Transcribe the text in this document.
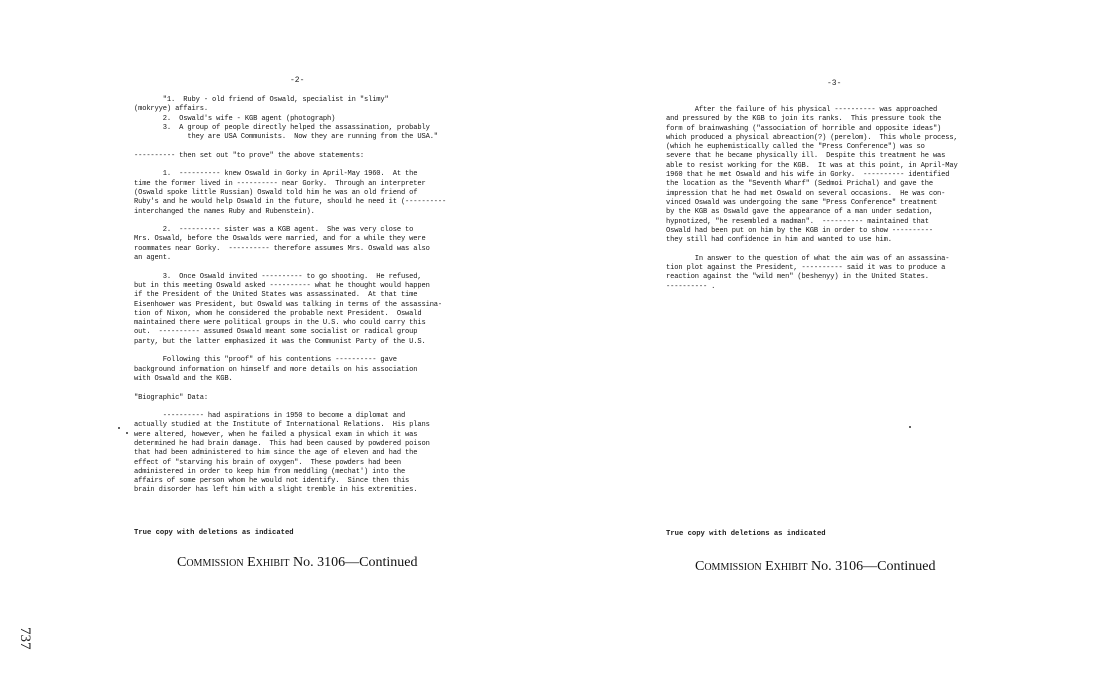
-2-
"1.  Ruby - old friend of Oswald, specialist in "slimy"
(mokryye) affairs.
2.  Oswald's wife - KGB agent (photograph)
3.  A group of people directly helped the assassination, probably
they are USA Communists.  Now they are running from the USA."
---------- then set out "to prove" the above statements:
1.  ---------- knew Oswald in Gorky in April-May 1960.  At the
time the former lived in ---------- near Gorky.  Through an interpreter
(Oswald spoke little Russian) Oswald told him he was an old friend of
Ruby's and he would help Oswald in the future, should he need it (----------
interchanged the names Ruby and Rubenstein).
2.  ---------- sister was a KGB agent.  She was very close to
Mrs. Oswald, before the Oswalds were married, and for a while they were
roommates near Gorky.  ---------- therefore assumes Mrs. Oswald was also
an agent.
3.  Once Oswald invited ---------- to go shooting.  He refused,
but in this meeting Oswald asked ---------- what he thought would happen
if the President of the United States was assassinated.  At that time
Eisenhower was President, but Oswald was talking in terms of the assassina-
tion of Nixon, whom he considered the probable next President.  Oswald
maintained there were political groups in the U.S. who could carry this
out.  ---------- assumed Oswald meant some socialist or radical group
party, but the latter emphasized it was the Communist Party of the U.S.
Following this "proof" of his contentions ---------- gave
background information on himself and more details on his association
with Oswald and the KGB.
"Biographic" Data:
---------- had aspirations in 1950 to become a diplomat and
actually studied at the Institute of International Relations.  His plans
were altered, however, when he failed a physical exam in which it was
determined he had brain damage.  This had been caused by powdered poison
that had been administered to him since the age of eleven and had the
effect of "starving his brain of oxygen".  These powders had been
administered in order to keep him from meddling (mechat') into the
affairs of some person whom he would not identify.  Since then this
brain disorder has left him with a slight tremble in his extremities.
True copy with deletions as indicated
Commission Exhibit No. 3106—Continued
737
-3-
After the failure of his physical ---------- was approached
and pressured by the KGB to join its ranks.  This pressure took the
form of brainwashing ("association of horrible and opposite ideas")
which produced a physical abreaction(?) (perelom).  This whole process,
(which he euphemistically called the "Press Conference") was so
severe that he became physically ill.  Despite this treatment he was
able to resist working for the KGB.  It was at this point, in April-May
1960 that he met Oswald and his wife in Gorky.  ---------- identified
the location as the "Seventh Wharf" (Sedmoi Prichal) and gave the
impression that he had met Oswald on several occasions.  He was con-
vinced Oswald was undergoing the same "Press Conference" treatment
by the KGB as Oswald gave the appearance of a man under sedation,
hypnotized, "he resembled a madman".  ---------- maintained that
Oswald had been put on him by the KGB in order to show ----------
they still had confidence in him and wanted to use him.
In answer to the question of what the aim was of an assassina-
tion plot against the President, ---------- said it was to produce a
reaction against the "wild men" (beshenyy) in the United States.
---------- .
True copy with deletions as indicated
Commission Exhibit No. 3106—Continued
